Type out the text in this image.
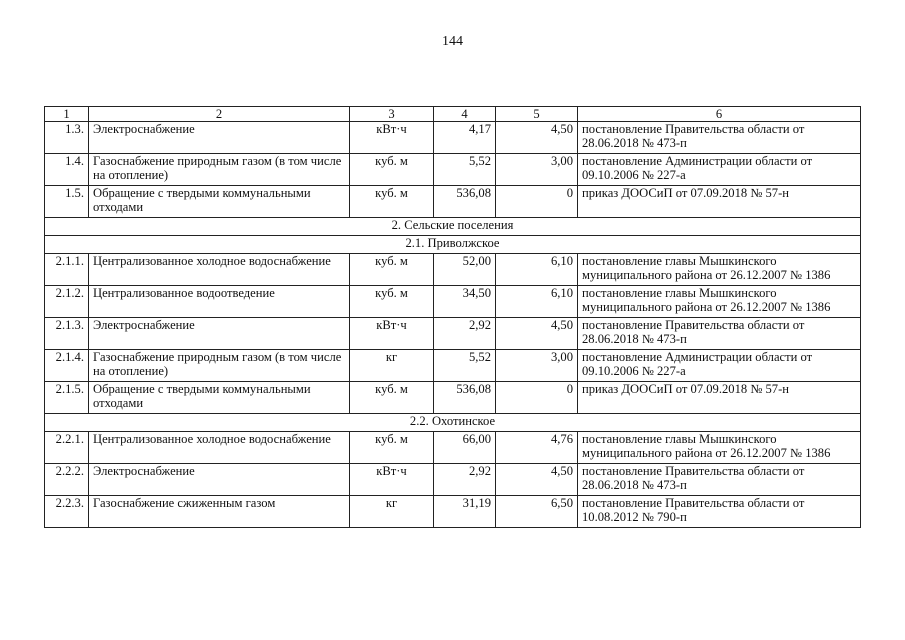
144
1	2	3	4	5	6
1.3.	Электроснабжение	кВт·ч	4,17	4,50	постановление Правительства области от 28.06.2018 № 473-п
1.4.	Газоснабжение природным газом (в том числе на отопление)	куб. м	5,52	3,00	постановление Администрации области от 09.10.2006 № 227-а
1.5.	Обращение с твердыми коммунальными отходами	куб. м	536,08	0	приказ ДООСиП от 07.09.2018 № 57-н
2. Сельские поселения					
2.1. Приволжское					
2.1.1.	Централизованное холодное водоснабжение	куб. м	52,00	6,10	постановление главы Мышкинского муниципального района от 26.12.2007 № 1386
2.1.2.	Централизованное водоотведение	куб. м	34,50	6,10	постановление главы Мышкинского муниципального района от 26.12.2007 № 1386
2.1.3.	Электроснабжение	кВт·ч	2,92	4,50	постановление Правительства области от 28.06.2018 № 473-п
2.1.4.	Газоснабжение природным газом (в том числе на отопление)	кг	5,52	3,00	постановление Администрации области от 09.10.2006 № 227-а
2.1.5.	Обращение с твердыми коммунальными отходами	куб. м	536,08	0	приказ ДООСиП от 07.09.2018 № 57-н
2.2. Охотинское					
2.2.1.	Централизованное холодное водоснабжение	куб. м	66,00	4,76	постановление главы Мышкинского муниципального района от 26.12.2007 № 1386
2.2.2.	Электроснабжение	кВт·ч	2,92	4,50	постановление Правительства области от 28.06.2018 № 473-п
2.2.3.	Газоснабжение сжиженным газом	кг	31,19	6,50	постановление Правительства области от 10.08.2012 № 790-п
